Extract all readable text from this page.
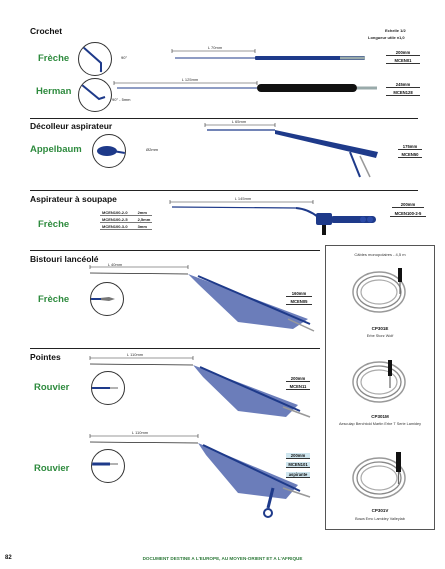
Crochet	Echelle 1/2
Longueur utile ±1,0
Frèche	90°
L 70mm
200mm
MCEN01
Herman
90° - 5mm
L 125mm
245mm
MCEN128
Décolleur aspirateur
Appelbaum	Ø2mm
L 65mm
175mm
MCEN50
Aspirateur à soupape
Frèche
MCEN100-2-0	2mm
MCEN100-2-5	2,5mm
MCEN100-3-0	3mm
L 145mm
200mm
MCEN100-2-5
Bistouri lancéolé
Frèche
L 40mm
160mm
MCEN05
Pointes
Rouvier
L 110mm
200mm
MCEN11
Rouvier
L 110mm
200mm
MCEN101
aspirante
Câbles monopolaires - 4,5 m
CP301E
Erbe Storz Wolf
CP301M
Aesculap Berchtold Martin Erbe T Serie Lamidey
CP301V
Bowa Emc Lamidey Valleylab
82	DOCUMENT DESTINE A L'EUROPE, AU MOYEN-ORIENT ET A L'AFRIQUE
